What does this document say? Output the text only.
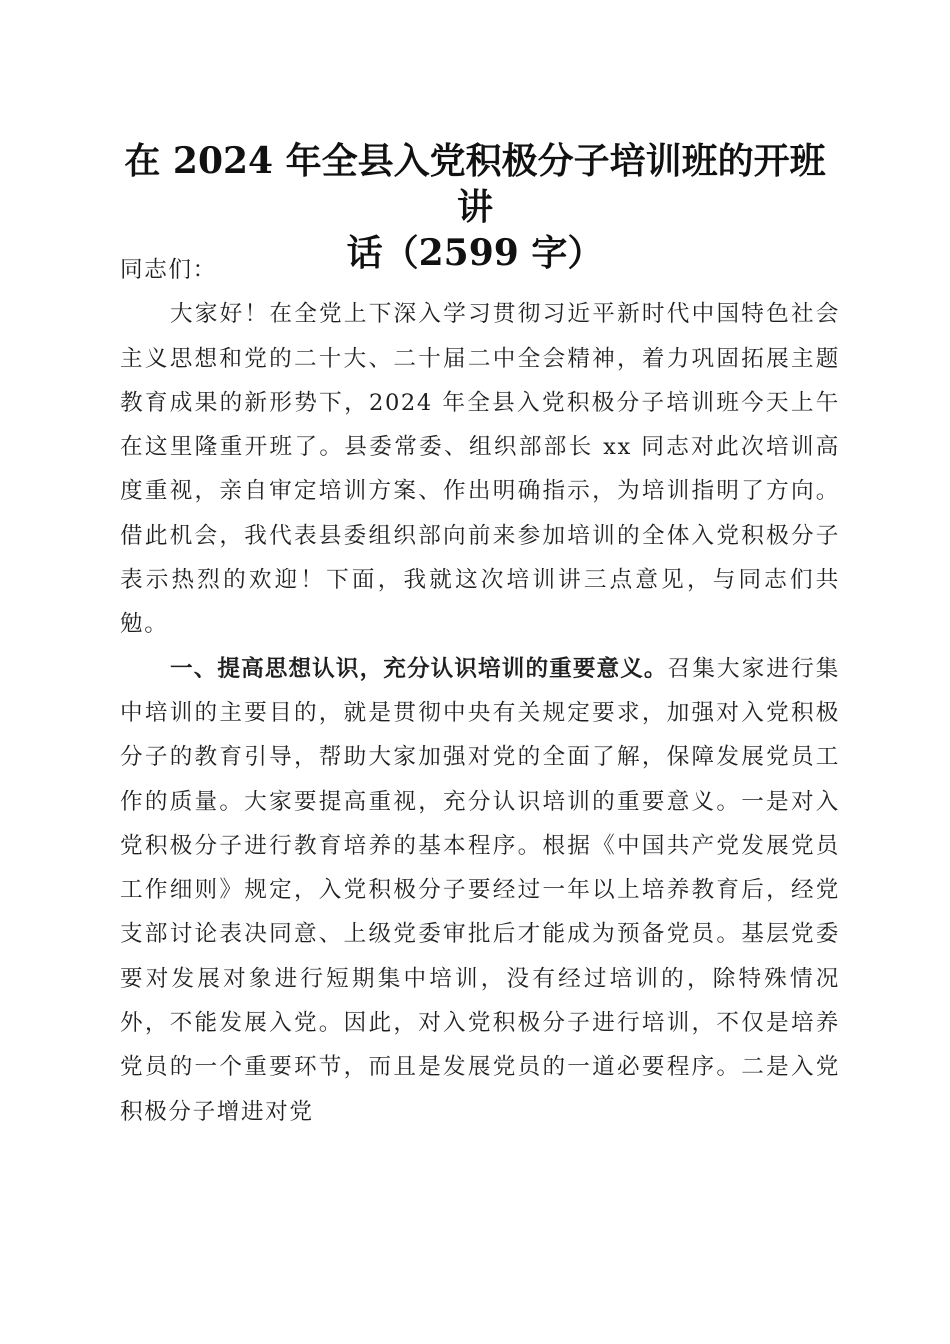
在 2024 年全县入党积极分子培训班的开班讲
话（2599 字）

同志们：

大家好！在全党上下深入学习贯彻习近平新时代中国特色社会主义思想和党的二十大、二十届二中全会精神，着力巩固拓展主题教育成果的新形势下，2024 年全县入党积极分子培训班今天上午在这里隆重开班了。县委常委、组织部部长 xx 同志对此次培训高度重视，亲自审定培训方案、作出明确指示，为培训指明了方向。借此机会，我代表县委组织部向前来参加培训的全体入党积极分子表示热烈的欢迎！下面，我就这次培训讲三点意见，与同志们共勉。

一、提高思想认识，充分认识培训的重要意义。召集大家进行集中培训的主要目的，就是贯彻中央有关规定要求，加强对入党积极分子的教育引导，帮助大家加强对党的全面了解，保障发展党员工作的质量。大家要提高重视，充分认识培训的重要意义。一是对入党积极分子进行教育培养的基本程序。根据《中国共产党发展党员工作细则》规定，入党积极分子要经过一年以上培养教育后，经党支部讨论表决同意、上级党委审批后才能成为预备党员。基层党委要对发展对象进行短期集中培训，没有经过培训的，除特殊情况外，不能发展入党。因此，对入党积极分子进行培训，不仅是培养党员的一个重要环节，而且是发展党员的一道必要程序。二是入党积极分子增进对党
